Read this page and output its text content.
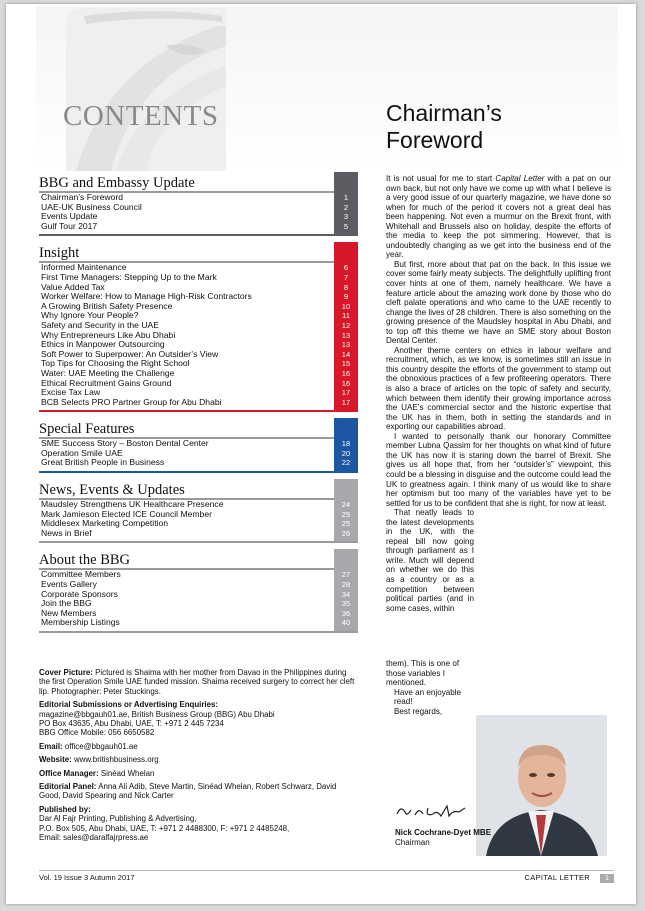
CONTENTS	Chairman’s
Foreword
BBG and Embassy Update
Chairman’s Foreword	1
UAE-UK Business Council	2
Events Update	3
Gulf Tour 2017	5
Insight
Informed Maintenance	6
First Time Managers: Stepping Up to the Mark	7
Value Added Tax	8
Worker Welfare: How to Manage High-Risk Contractors	9
A Growing British Safety Presence	10
Why Ignore Your People?	11
Safety and Security in the UAE	12
Why Entrepreneurs Like Abu Dhabi	13
Ethics in Manpower Outsourcing	13
Soft Power to Superpower: An Outsider’s View	14
Top Tips for Choosing the Right School	15
Water: UAE Meeting the Challenge	16
Ethical Recruitment Gains Ground	16
Excise Tax Law	17
BCB Selects PRO Partner Group for Abu Dhabi	17
Special Features
SME Success Story – Boston Dental Center	18
Operation Smile UAE	20
Great British People in Business	22
News, Events & Updates
Maudsley Strengthens UK Healthcare Presence	24
Mark Jamieson Elected ICE Council Member	25
Middlesex Marketing Competition	25
News in Brief	26
About the BBG
Committee Members	27
Events Gallery	28
Corporate Sponsors	34
Join the BBG	35
New Members	36
Membership Listings	40

Cover Picture: Pictured is Shaima with her mother from Davao in the Philippines during the first Operation Smile UAE funded mission. Shaima received surgery to correct her cleft lip. Photographer: Peter Stuckings.

Editorial Submissions or Advertising Enquiries:
magazine@bbgauh01.ae, British Business Group (BBG) Abu Dhabi
PO Box 43635, Abu Dhabi, UAE, T: +971 2 445 7234
BBG Office Mobile: 056 6650582

Email: office@bbgauh01.ae

Website: www.britishbusiness.org

Office Manager: Sinéad Whelan

Editorial Panel: Anna Ali Adib, Steve Martin, Sinéad Whelan, Robert Schwarz, David Good, David Spearing and Nick Carter

Published by:
Dar Al Fajr Printing, Publishing & Advertising,
P.O. Box 505, Abu Dhabi, UAE, T: +971 2 4488300, F: +971 2 4485248,
Email: sales@daralfajrpress.ae

It is not usual for me to start Capital Letter with a pat on our own back, but not only have we come up with what I believe is a very good issue of our quarterly magazine, we have done so when for much of the period it covers not a great deal has been happening. Not even a murmur on the Brexit front, with Whitehall and Brussels also on holiday, despite the efforts of the media to keep the pot simmering. However, that is undoubtedly changing as we get into the business end of the year.

But first, more about that pat on the back. In this issue we cover some fairly meaty subjects. The delightfully uplifting front cover hints at one of them, namely healthcare. We have a feature article about the amazing work done by those who do cleft palate operations and who came to the UAE recently to change the lives of 28 children. There is also something on the growing presence of the Maudsley hospital in Abu Dhabi, and to top off this theme we have an SME story about Boston Dental Center.

Another theme centers on ethics in labour welfare and recruitment, which, as we know, is sometimes still an issue in this country despite the efforts of the government to stamp out the obnoxious practices of a few profiteering operators. There is also a brace of articles on the topic of safety and security, which between them identify their growing importance across the UAE’s commercial sector and the historic expertise that the UK has in them, both in setting the standards and in exporting our capabilities abroad.

I wanted to personally thank our honorary Committee member Lubna Qassim for her thoughts on what kind of future the UK has now it is staring down the barrel of Brexit. She gives us all hope that, from her “outsider’s” viewpoint, this could be a blessing in disguise and the outcome could lead the UK to greatness again. I think many of us would like to share her optimism but too many of the variables have yet to be settled for us to be confident that she is right, for now at least.

That neatly leads to the latest developments in the UK, with the repeal bill now going through parliament as I write. Much will depend on whether we do this as a country or as a competition between political parties (and in some cases, within

them). This is one of those variables I mentioned.
Have an enjoyable read!
Best regards,
Vol. 19 Issue 3 Autumn 2017	CAPITAL LETTER	1
Nick Cochrane-Dyet MBE
Chairman
